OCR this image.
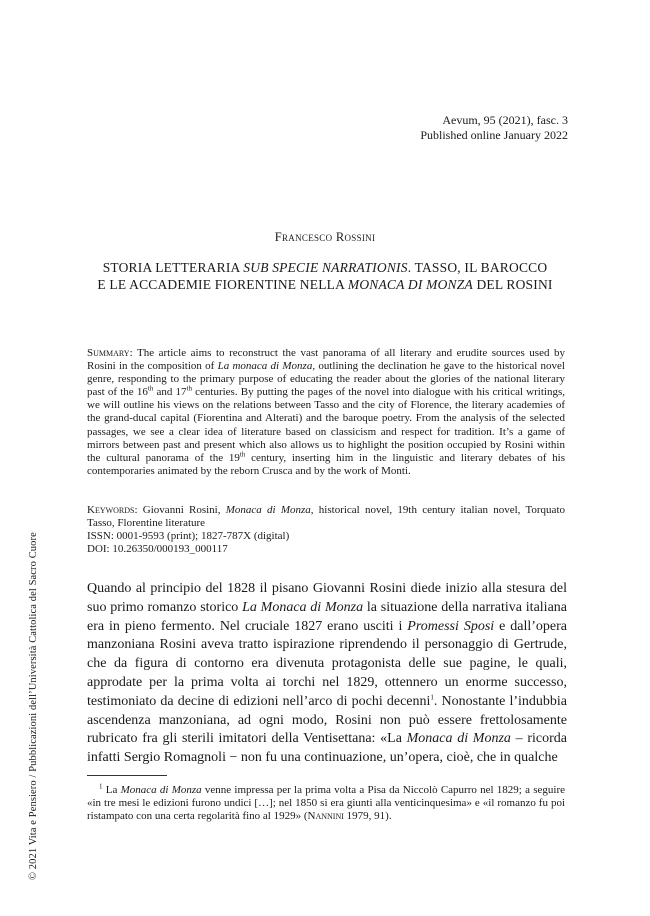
© 2021 Vita e Pensiero / Pubblicazioni dell’Università Cattolica del Sacro Cuore
Aevum, 95 (2021), fasc. 3
Published online January 2022
Francesco Rossini
STORIA LETTERARIA SUB SPECIE NARRATIONIS. TASSO, IL BAROCCO
E LE ACCADEMIE FIORENTINE NELLA MONACA DI MONZA DEL ROSINI
Summary: The article aims to reconstruct the vast panorama of all literary and erudite sources used by Rosini in the composition of La monaca di Monza, outlining the declination he gave to the historical novel genre, responding to the primary purpose of educating the reader about the glories of the national literary past of the 16th and 17th centuries. By putting the pages of the novel into dialogue with his critical writings, we will outline his views on the relations between Tasso and the city of Florence, the literary academies of the grand-ducal capital (Fiorentina and Alterati) and the baroque poetry. From the analysis of the selected passages, we see a clear idea of literature based on classicism and respect for tradition. It’s a game of mirrors between past and present which also allows us to highlight the position occupied by Rosini within the cultural panorama of the 19th century, inserting him in the linguistic and literary debates of his contemporaries animated by the reborn Crusca and by the work of Monti.
Keywords: Giovanni Rosini, Monaca di Monza, historical novel, 19th century italian novel, Torquato Tasso, Florentine literature
ISSN: 0001-9593 (print); 1827-787X (digital)
DOI: 10.26350/000193_000117
Quando al principio del 1828 il pisano Giovanni Rosini diede inizio alla stesura del suo primo romanzo storico La Monaca di Monza la situazione della narrativa italiana era in pieno fermento. Nel cruciale 1827 erano usciti i Promessi Sposi e dall’opera manzoniana Rosini aveva tratto ispirazione riprendendo il personaggio di Gertrude, che da figura di contorno era divenuta protagonista delle sue pagine, le quali, approdate per la prima volta ai torchi nel 1829, ottennero un enorme successo, testimoniato da decine di edizioni nell’arco di pochi decenni$^1$. Nonostante l’indubbia ascendenza manzoniana, ad ogni modo, Rosini non può essere frettolosamente rubricato fra gli sterili imitatori della Ventisettana: «La Monaca di Monza – ricorda infatti Sergio Romagnoli − non fu una continuazione, un’opera, cioè, che in qualche
$^1$ La Monaca di Monza venne impressa per la prima volta a Pisa da Niccolò Capurro nel 1829; a seguire «in tre mesi le edizioni furono undici […]; nel 1850 si era giunti alla venticinquesima» e «il romanzo fu poi ristampato con una certa regolarità fino al 1929» (Nannini 1979, 91).
